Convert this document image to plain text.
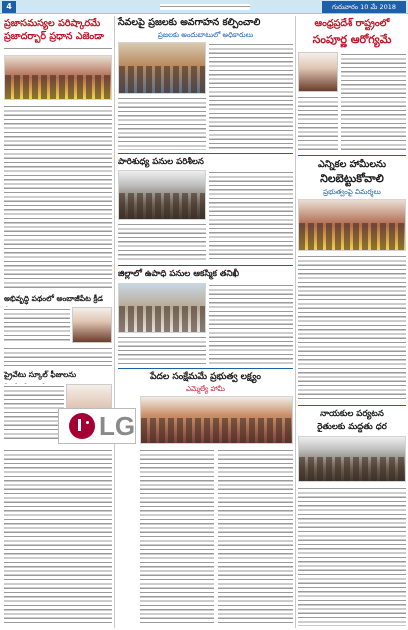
4	గురువారం 10 మే 2018
ప్రజాసమస్యల పరిష్కారమే
ప్రజాదర్బార్ ప్రధాన ఎజెండా
అభివృద్ధి పథంలో అంబాజీపేట క్రీడ
ప్రైవేటు స్కూల్ ఫీజులను
LG
సేవలపై ప్రజలకు అవగాహన కల్పించాలి
ప్రజలకు అందుబాటులో అధికారులు
పారిశుధ్య పనుల పరిశీలన
జిల్లాలో ఉపాధి పనుల ఆకస్మిక తనిఖీ
పేదల సంక్షేమమే ప్రభుత్వ లక్ష్యం
ఎమ్మెల్యే హామీ
ఆంధ్రప్రదేశ్ రాష్ట్రంలో
సంపూర్ణ ఆరోగ్యమే
ఎన్నికల హామీలను
నిలబెట్టుకోవాలి
ప్రభుత్వంపై విమర్శలు
నాయకుల పర్యటన
రైతులకు మద్దతు ధర
